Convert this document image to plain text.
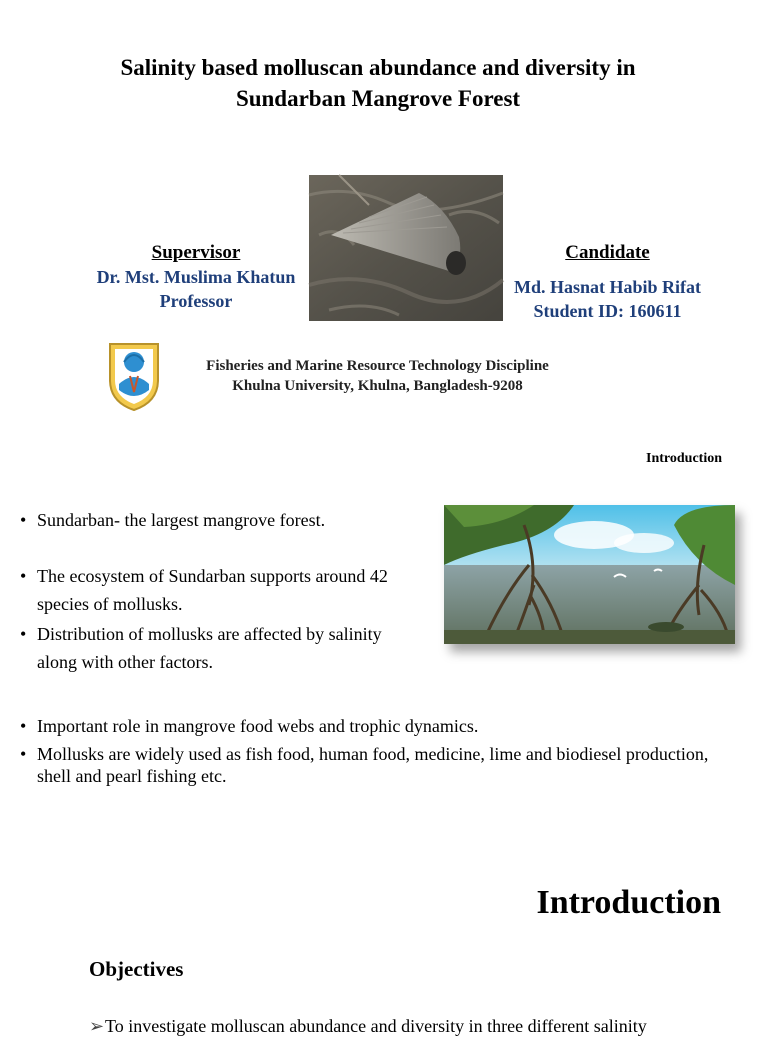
Salinity based molluscan abundance and diversity in
Sundarban Mangrove Forest
Supervisor
Dr. Mst. Muslima Khatun
Professor
Candidate
Md. Hasnat Habib Rifat
Student ID: 160611
Fisheries and Marine Resource Technology Discipline
Khulna University, Khulna, Bangladesh-9208
Introduction
• Sundarban- the largest mangrove forest.
• The ecosystem of Sundarban supports around 42 species of mollusks.
• Distribution of mollusks are affected by salinity along with other factors.
• Important role in mangrove food webs and trophic dynamics.
• Mollusks are widely used as fish food, human food, medicine, lime and biodiesel production, shell and pearl fishing etc.
Introduction
Objectives
➢To investigate molluscan abundance and diversity in three different salinity
